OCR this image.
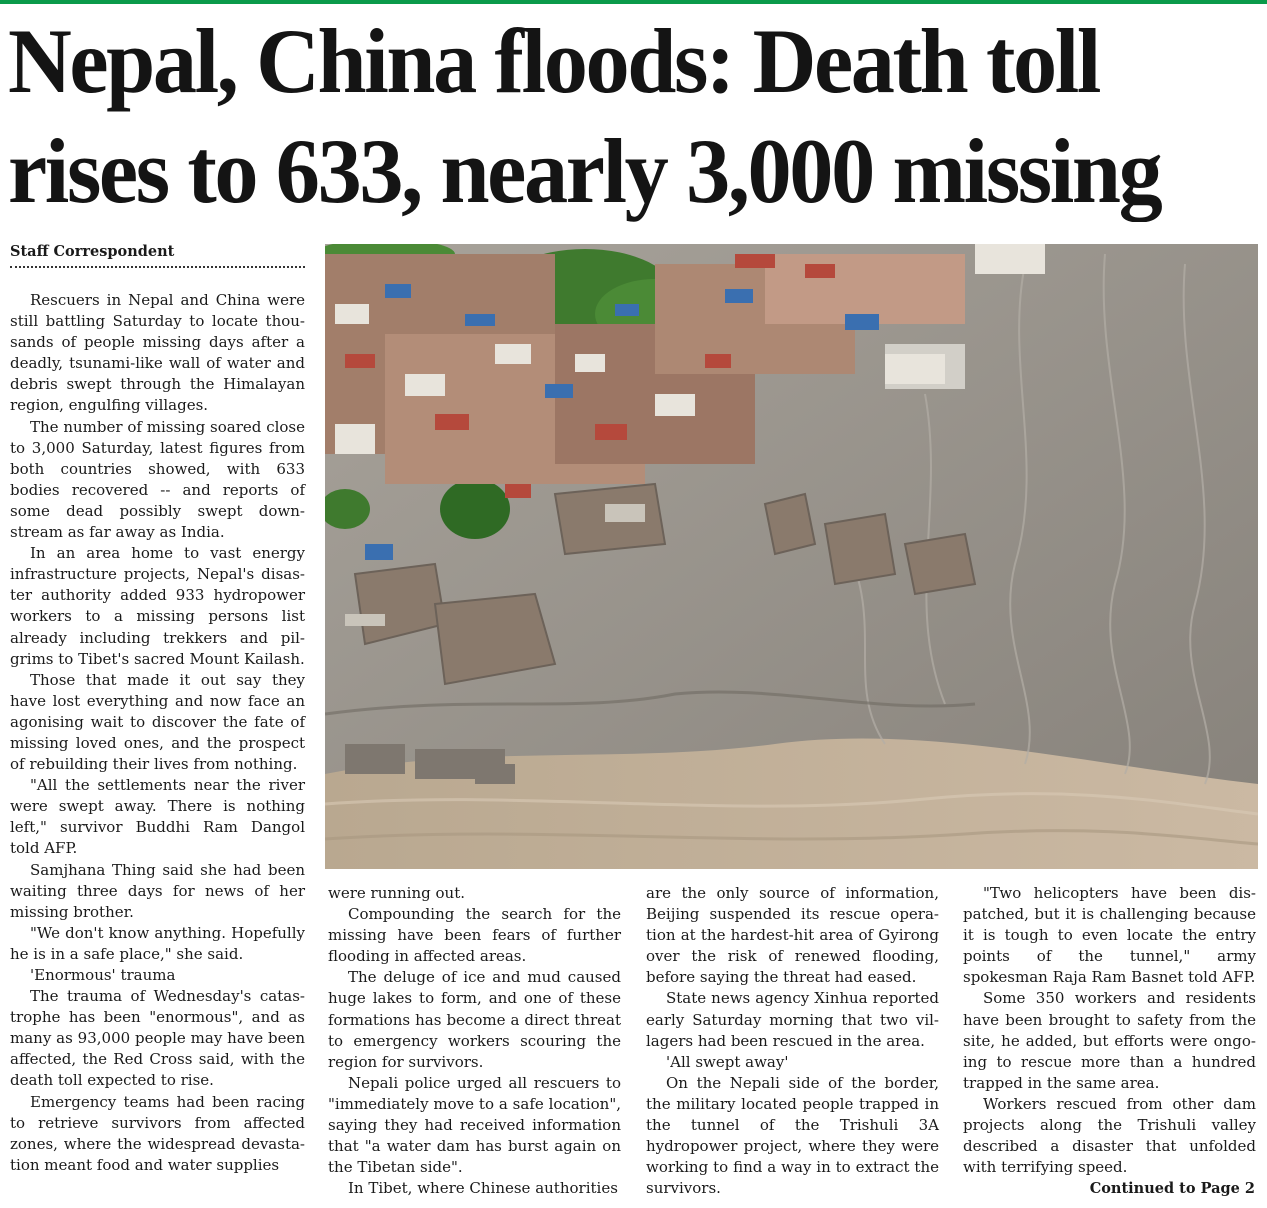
Nepal, China floods: Death toll rises to 633, nearly 3,000 missing
Staff Correspondent

Rescuers in Nepal and China were still battling Saturday to locate thousands of people missing days after a deadly, tsunami-like wall of water and debris swept through the Himalayan region, engulfing villages.

The number of missing soared close to 3,000 Saturday, latest figures from both countries showed, with 633 bodies recovered -- and reports of some dead possibly swept downstream as far away as India.

In an area home to vast energy infrastructure projects, Nepal's disaster authority added 933 hydropower workers to a missing persons list already including trekkers and pilgrims to Tibet's sacred Mount Kailash.

Those that made it out say they have lost everything and now face an agonising wait to discover the fate of missing loved ones, and the prospect of rebuilding their lives from nothing.

"All the settlements near the river were swept away. There is nothing left," survivor Buddhi Ram Dangol told AFP.

Samjhana Thing said she had been waiting three days for news of her missing brother.

"We don't know anything. Hopefully he is in a safe place," she said.

'Enormous' trauma

The trauma of Wednesday's catastrophe has been "enormous", and as many as 93,000 people may have been affected, the Red Cross said, with the death toll expected to rise.

Emergency teams had been racing to retrieve survivors from affected zones, where the widespread devastation meant food and water supplies

were running out.

Compounding the search for the missing have been fears of further flooding in affected areas.

The deluge of ice and mud caused huge lakes to form, and one of these formations has become a direct threat to emergency workers scouring the region for survivors.

Nepali police urged all rescuers to "immediately move to a safe location", saying they had received information that "a water dam has burst again on the Tibetan side".

In Tibet, where Chinese authorities

are the only source of information, Beijing suspended its rescue operation at the hardest-hit area of Gyirong over the risk of renewed flooding, before saying the threat had eased.

State news agency Xinhua reported early Saturday morning that two villagers had been rescued in the area.

'All swept away'

On the Nepali side of the border, the military located people trapped in the tunnel of the Trishuli 3A hydropower project, where they were working to find a way in to extract the survivors.

"Two helicopters have been dispatched, but it is challenging because it is tough to even locate the entry points of the tunnel," army spokesman Raja Ram Basnet told AFP.

Some 350 workers and residents have been brought to safety from the site, he added, but efforts were ongoing to rescue more than a hundred trapped in the same area.

Workers rescued from other dam projects along the Trishuli valley described a disaster that unfolded with terrifying speed.

Continued to Page 2
